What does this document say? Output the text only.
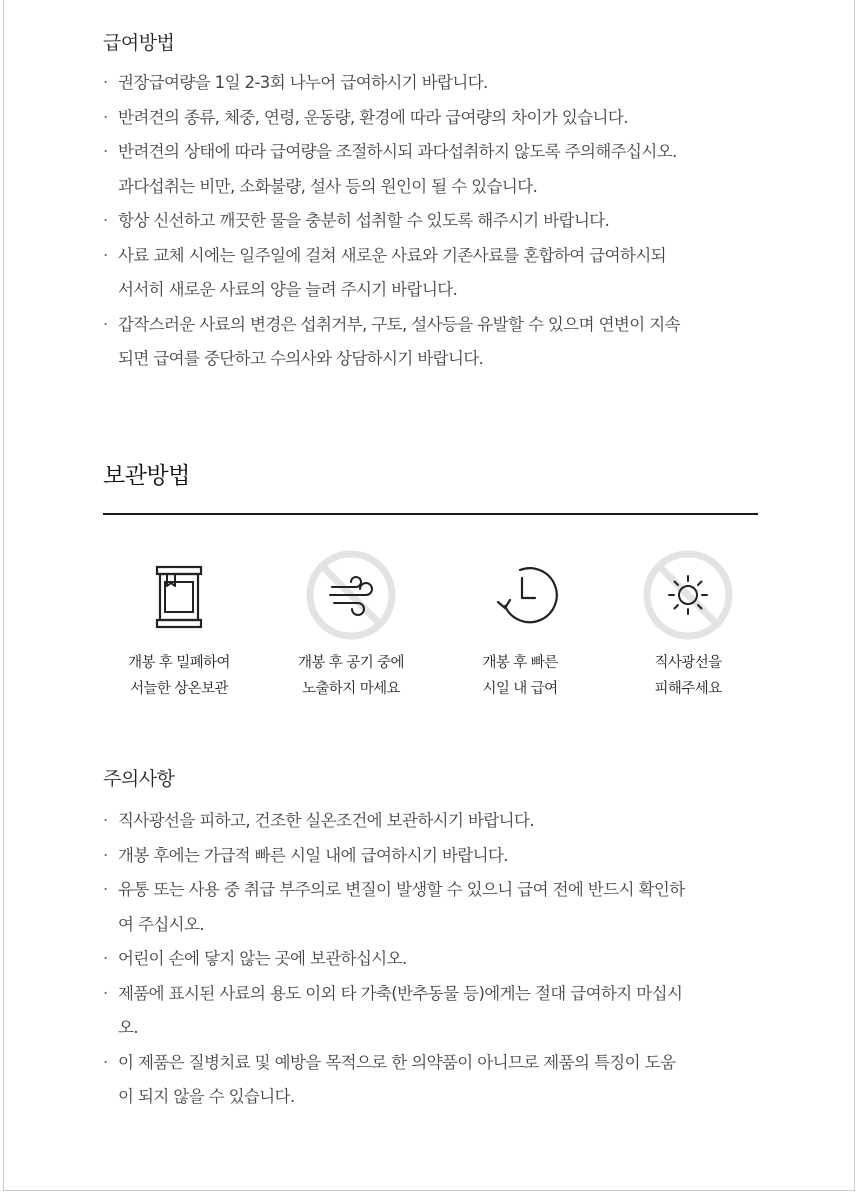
급여방법
· 권장급여량을 1일 2-3회 나누어 급여하시기 바랍니다.
· 반려견의 종류, 체중, 연령, 운동량, 환경에 따라 급여량의 차이가 있습니다.
· 반려견의 상태에 따라 급여량을 조절하시되 과다섭취하지 않도록 주의해주십시오.
과다섭취는 비만, 소화불량, 설사 등의 원인이 될 수 있습니다.
· 항상 신선하고 깨끗한 물을 충분히 섭취할 수 있도록 해주시기 바랍니다.
· 사료 교체 시에는 일주일에 걸쳐 새로운 사료와 기존사료를 혼합하여 급여하시되
서서히 새로운 사료의 양을 늘려 주시기 바랍니다.
· 갑작스러운 사료의 변경은 섭취거부, 구토, 설사등을 유발할 수 있으며 연변이 지속
되면 급여를 중단하고 수의사와 상담하시기 바랍니다.
보관방법
개봉 후 밀폐하여
서늘한 상온보관
개봉 후 공기 중에
노출하지 마세요
개봉 후 빠른
시일 내 급여
직사광선을
피해주세요
주의사항
· 직사광선을 피하고, 건조한 실온조건에 보관하시기 바랍니다.
· 개봉 후에는 가급적 빠른 시일 내에 급여하시기 바랍니다.
· 유통 또는 사용 중 취급 부주의로 변질이 발생할 수 있으니 급여 전에 반드시 확인하
여 주십시오.
· 어린이 손에 닿지 않는 곳에 보관하십시오.
· 제품에 표시된 사료의 용도 이외 타 가축(반추동물 등)에게는 절대 급여하지 마십시
오.
· 이 제품은 질병치료 및 예방을 목적으로 한 의약품이 아니므로 제품의 특징이 도움
이 되지 않을 수 있습니다.
